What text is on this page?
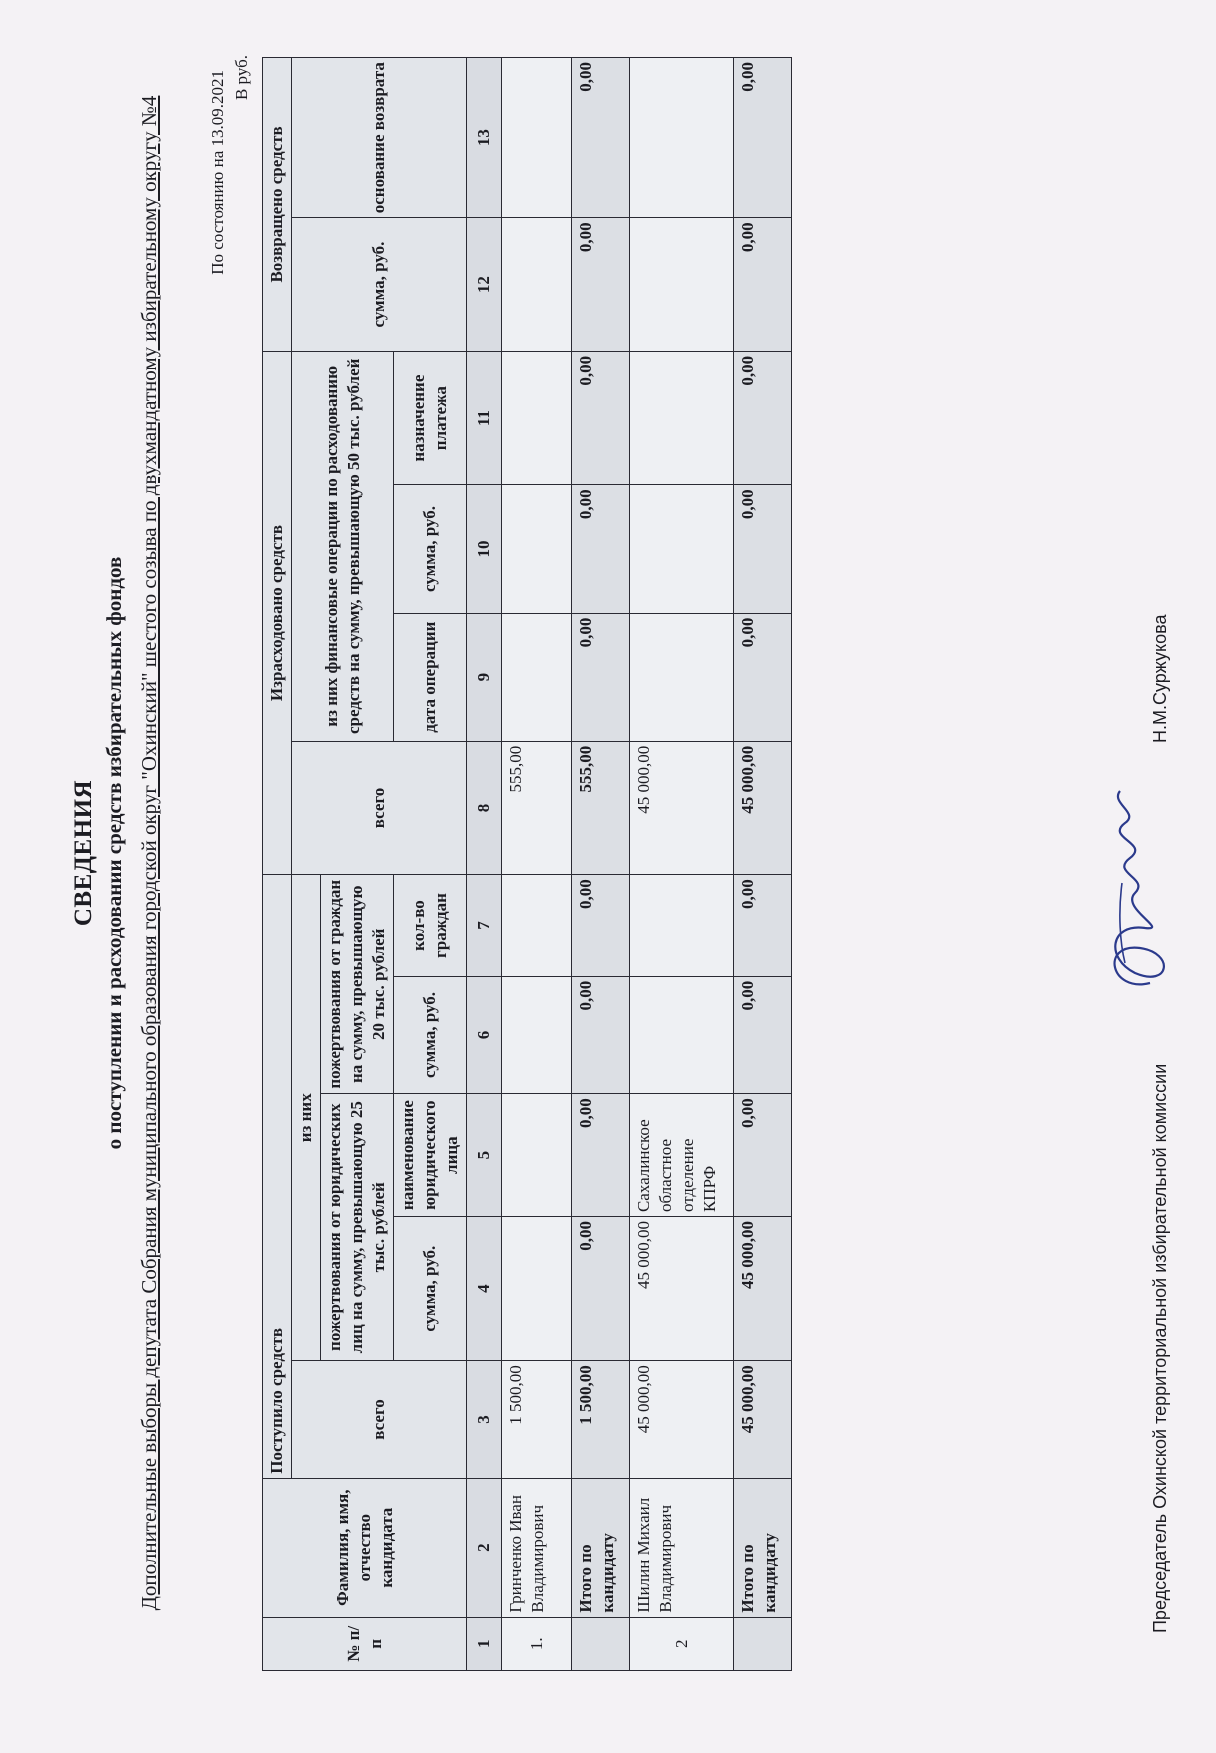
СВЕДЕНИЯ о поступлении и расходовании средств избирательных фондов Дополнительные выборы депутата Собрания муниципального образования городской округ "Охинский" шестого созыва по двухмандатному избирательному округу №4	По состоянию на 13.09.2021 В руб.
№ п/п	Фамилия, имя, отчество кандидата	Поступило средств					Израсходовано средств				Возвращено средств	
		всего	из них				всего	из них финансовые операции по расходованию средств на сумму, превышающую 50 тыс. рублей			сумма, руб.	основание возврата
			пожертвования от юридических лиц на сумму, превышающую 25 тыс. рублей		пожертвования от граждан на сумму, превышающую 20 тыс. рублей							
			сумма, руб.	наименование юридического лица	сумма, руб.	кол-во граждан		дата операции	сумма, руб.	назначение платежа		
1	2	3	4	5	6	7	8	9	10	11	12	13
1.	Гринченко Иван Владимирович	1 500,00					555,00					
	Итого по кандидату	1 500,00	0,00	0,00	0,00	0,00	555,00	0,00	0,00	0,00	0,00	0,00
2	Шилин Михаил Владимирович	45 000,00	45 000,00	Сахалинское областное отделение КПРФ			45 000,00					
	Итого по кандидату	45 000,00	45 000,00	0,00	0,00	0,00	45 000,00	0,00	0,00	0,00	0,00	0,00
Председатель Охинской территориальной избирательной комиссии
Н.М.Суржукова
